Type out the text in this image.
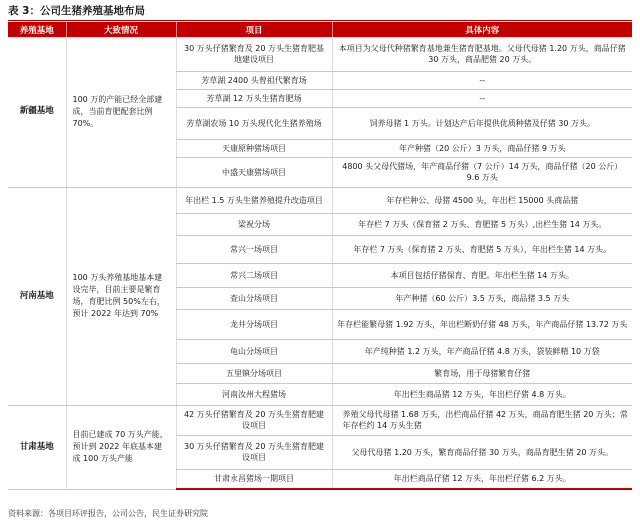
表 3：公司生猪养殖基地布局
养殖基地	大致情况	项目	具体内容
新疆基地	100 万的产能已经全部建成，当前育肥配套比例 70%。	30 万头仔猪繁育及 20 万头生猪育肥基地建设项目	本项目为父母代种猪繁育基地兼生猪育肥基地。父母代母猪 1.20 万头，商品仔猪 30 万头，商品肥猪 20 万头。
		芳草湖 2400 头曾祖代繁育场	--
		芳草湖 12 万头生猪育肥场	--
		芳草湖农场 10 万头现代化生猪养殖场	饲养母猪 1 万头。计划达产后年提供优质种猪及仔猪 30 万头。
		天康原种猪场项目	年产种猪（20 公斤）3 万头，商品仔猪 9 万头
		中盛天康猪场项目	4800 头父母代猪场，年产商品仔猪（7 公斤）14 万头，商品仔猪（20 公斤）9.6 万头
河南基地	100 万头养殖基地基本建设完毕，目前主要是繁育场，育肥比例 50%左右，预计 2022 年达到 70%	年出栏 1.5 万头生猪养殖提升改造项目	年存栏种公、母猪 4500 头，年出栏 15000 头商品猪
		梁祝分场	年存栏 7 万头（保育猪 2 万头、育肥猪 5 万头）,出栏生猪 14 万头。
		常兴一场项目	年存栏 7 万头（保育猪 2 万头、育肥猪 5 万头），年出栏生猪 14 万头。
		常兴二场项目	本项目包括仔猪保育、育肥。年出栏生猪 14 万头。
		查山分场项目	年产种猪（60 公斤）3.5 万头，商品猪 3.5 万头
		龙井分场项目	年存栏能繁母猪 1.92 万头，年出栏断奶仔猪 48 万头，年产商品仔猪 13.72 万头
		龟山分场项目	年产纯种猪 1.2 万头，年产商品仔猪 4.8 万头，袋装鲜精 10 万袋
		五里镇分场项目	繁育场，用于母猪繁育仔猪
		河南汝州大程猪场	年出栏生商品猪 12 万头，年出栏仔猪 4.8 万头。
甘肃基地	目前已建成 70 万头产能，预计到 2022 年底基本建成 100 万头产能	42 万头仔猪繁育及 20 万头生猪育肥建设项目	养殖父母代母猪 1.68 万头，出栏商品仔猪 42 万头，商品育肥生猪 20 万头；常年存栏约 14 万头生猪
		30 万头仔猪繁育及 20 万头生猪育肥建设项目	父母代母猪 1.20 万头，繁育商品仔猪 30 万头，商品育肥生猪 20 万头。
		甘肃永昌猪场一期项目	年出栏商品仔猪 12 万头，年出栏仔猪 6.2 万头。
资料来源：各项目环评报告，公司公告，民生证券研究院
